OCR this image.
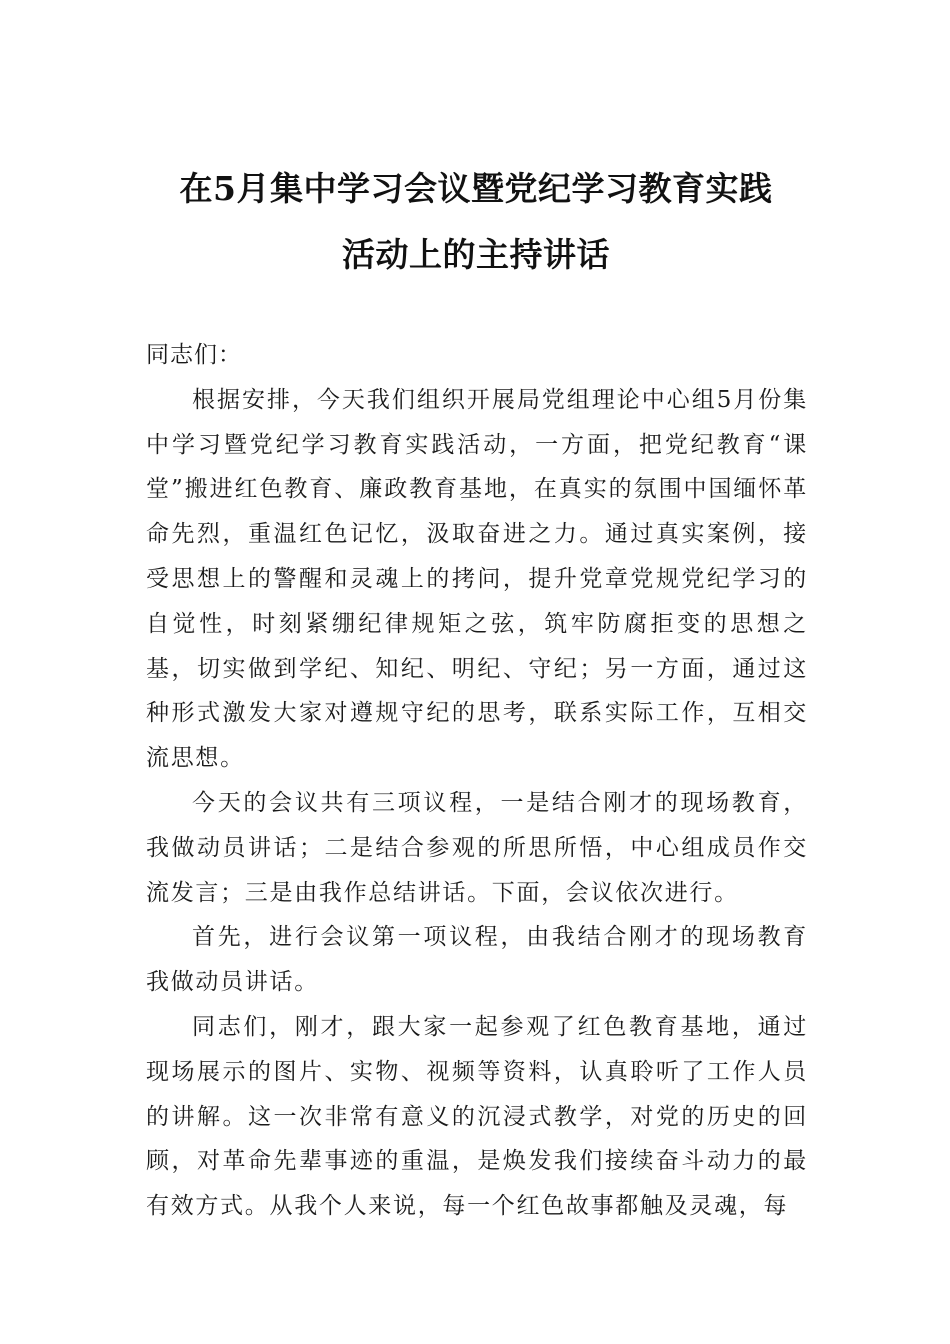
在5月集中学习会议暨党纪学习教育实践
活动上的主持讲话

同志们：

根据安排，今天我们组织开展局党组理论中心组5月份集中学习暨党纪学习教育实践活动，一方面，把党纪教育“课堂”搬进红色教育、廉政教育基地，在真实的氛围中国缅怀革命先烈，重温红色记忆，汲取奋进之力。通过真实案例，接受思想上的警醒和灵魂上的拷问，提升党章党规党纪学习的自觉性，时刻紧绷纪律规矩之弦，筑牢防腐拒变的思想之基，切实做到学纪、知纪、明纪、守纪；另一方面，通过这种形式激发大家对遵规守纪的思考，联系实际工作，互相交流思想。

今天的会议共有三项议程，一是结合刚才的现场教育，我做动员讲话；二是结合参观的所思所悟，中心组成员作交流发言；三是由我作总结讲话。下面，会议依次进行。

首先，进行会议第一项议程，由我结合刚才的现场教育我做动员讲话。

同志们，刚才，跟大家一起参观了红色教育基地，通过现场展示的图片、实物、视频等资料，认真聆听了工作人员的讲解。这一次非常有意义的沉浸式教学，对党的历史的回顾，对革命先辈事迹的重温，是焕发我们接续奋斗动力的最有效方式。从我个人来说，每一个红色故事都触及灵魂，每
